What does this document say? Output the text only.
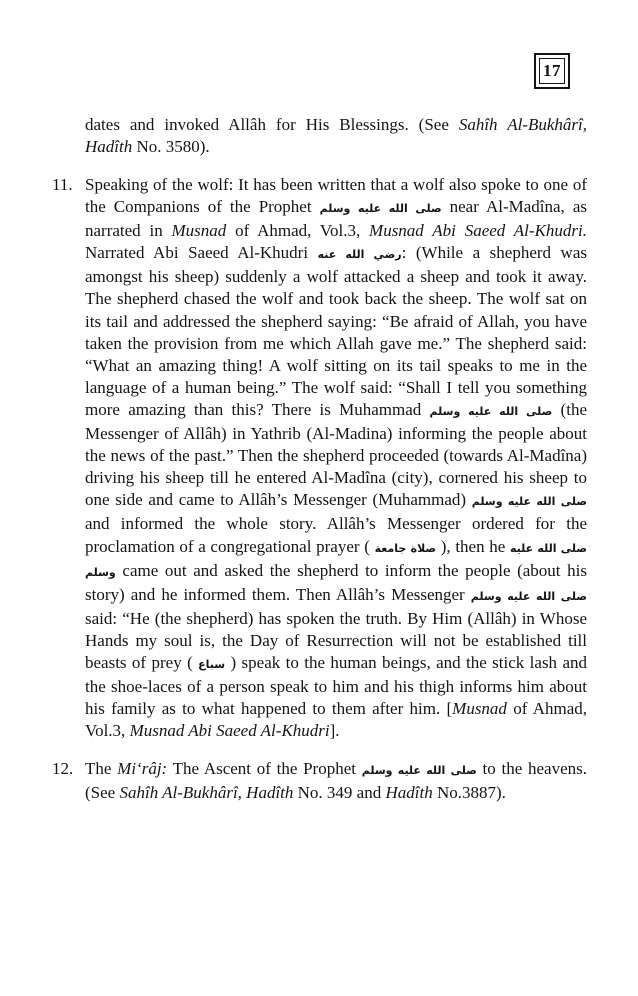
17

dates and invoked Allâh for His Blessings. (See Sahîh Al-Bukhârî, Hadîth No. 3580).

11. Speaking of the wolf: It has been written that a wolf also spoke to one of the Companions of the Prophet صلى الله عليه وسلم near Al-Madîna, as narrated in Musnad of Ahmad, Vol.3, Musnad Abi Saeed Al-Khudri. Narrated Abi Saeed Al-Khudri رضي الله عنه: (While a shepherd was amongst his sheep) suddenly a wolf attacked a sheep and took it away. The shepherd chased the wolf and took back the sheep. The wolf sat on its tail and addressed the shepherd saying: “Be afraid of Allah, you have taken the provision from me which Allah gave me.” The shepherd said: “What an amazing thing! A wolf sitting on its tail speaks to me in the language of a human being.” The wolf said: “Shall I tell you something more amazing than this? There is Muhammad صلى الله عليه وسلم (the Messenger of Allâh) in Yathrib (Al-Madina) informing the people about the news of the past.” Then the shepherd proceeded (towards Al-Madîna) driving his sheep till he entered Al-Madîna (city), cornered his sheep to one side and came to Allâh’s Messenger (Muhammad) صلى الله عليه وسلم and informed the whole story. Allâh’s Messenger ordered for the proclamation of a congregational prayer ( صلاة جامعة ), then he صلى الله عليه وسلم came out and asked the shepherd to inform the people (about his story) and he informed them. Then Allâh’s Messenger صلى الله عليه وسلم said: “He (the shepherd) has spoken the truth. By Him (Allâh) in Whose Hands my soul is, the Day of Resurrection will not be established till beasts of prey ( سباع ) speak to the human beings, and the stick lash and the shoe-laces of a person speak to him and his thigh informs him about his family as to what happened to them after him. [Musnad of Ahmad, Vol.3, Musnad Abi Saeed Al-Khudri].
12. The Mi‘râj: The Ascent of the Prophet صلى الله عليه وسلم to the heavens. (See Sahîh Al-Bukhârî, Hadîth No. 349 and Hadîth No.3887).
